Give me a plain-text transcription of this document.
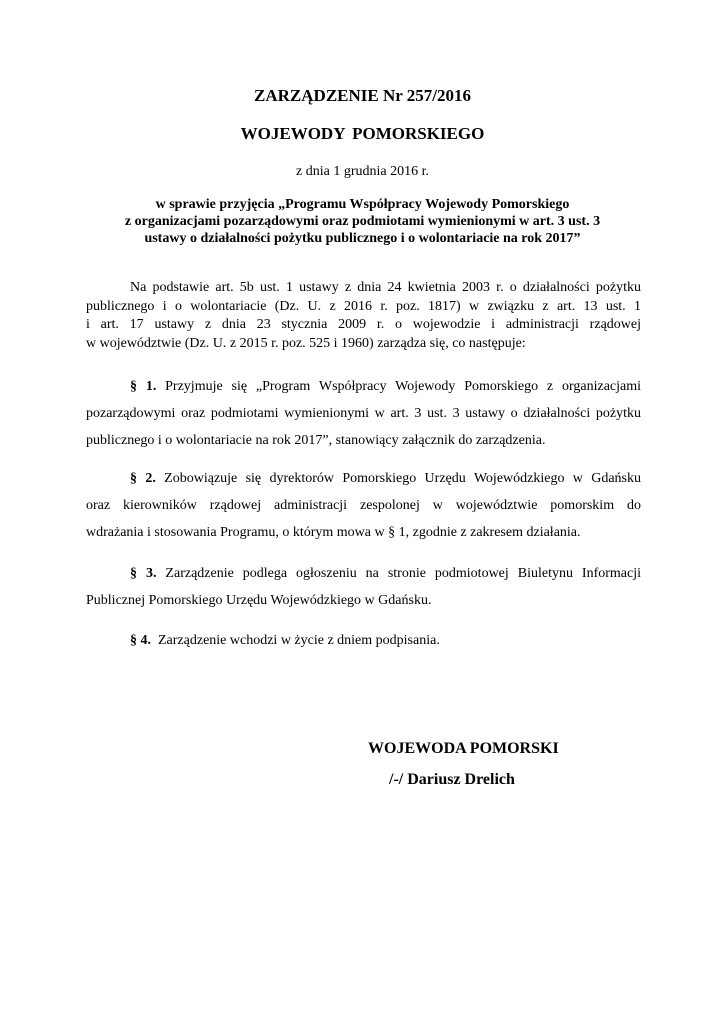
ZARZĄDZENIE Nr 257/2016
WOJEWODY POMORSKIEGO
z dnia 1 grudnia 2016 r.
w sprawie przyjęcia „Programu Współpracy Wojewody Pomorskiego
z organizacjami pozarządowymi oraz podmiotami wymienionymi w art. 3 ust. 3
ustawy o działalności pożytku publicznego i o wolontariacie na rok 2017”
Na podstawie art. 5b ust. 1 ustawy z dnia 24 kwietnia 2003 r. o działalności pożytku
publicznego i o wolontariacie (Dz. U. z 2016 r. poz. 1817) w związku z art. 13 ust. 1
i art. 17 ustawy z dnia 23 stycznia 2009 r. o wojewodzie i administracji rządowej
w województwie (Dz. U. z 2015 r. poz. 525 i 1960) zarządza się, co następuje:
§ 1. Przyjmuje się „Program Współpracy Wojewody Pomorskiego z organizacjami
pozarządowymi oraz podmiotami wymienionymi w art. 3 ust. 3 ustawy o działalności pożytku
publicznego i o wolontariacie na rok 2017”, stanowiący załącznik do zarządzenia.
§ 2. Zobowiązuje się dyrektorów Pomorskiego Urzędu Wojewódzkiego w Gdańsku
oraz kierowników rządowej administracji zespolonej w województwie pomorskim do
wdrażania i stosowania Programu, o którym mowa w § 1, zgodnie z zakresem działania.
§ 3. Zarządzenie podlega ogłoszeniu na stronie podmiotowej Biuletynu Informacji
Publicznej Pomorskiego Urzędu Wojewódzkiego w Gdańsku.
§ 4.  Zarządzenie wchodzi w życie z dniem podpisania.
WOJEWODA POMORSKI
/-/ Dariusz Drelich
